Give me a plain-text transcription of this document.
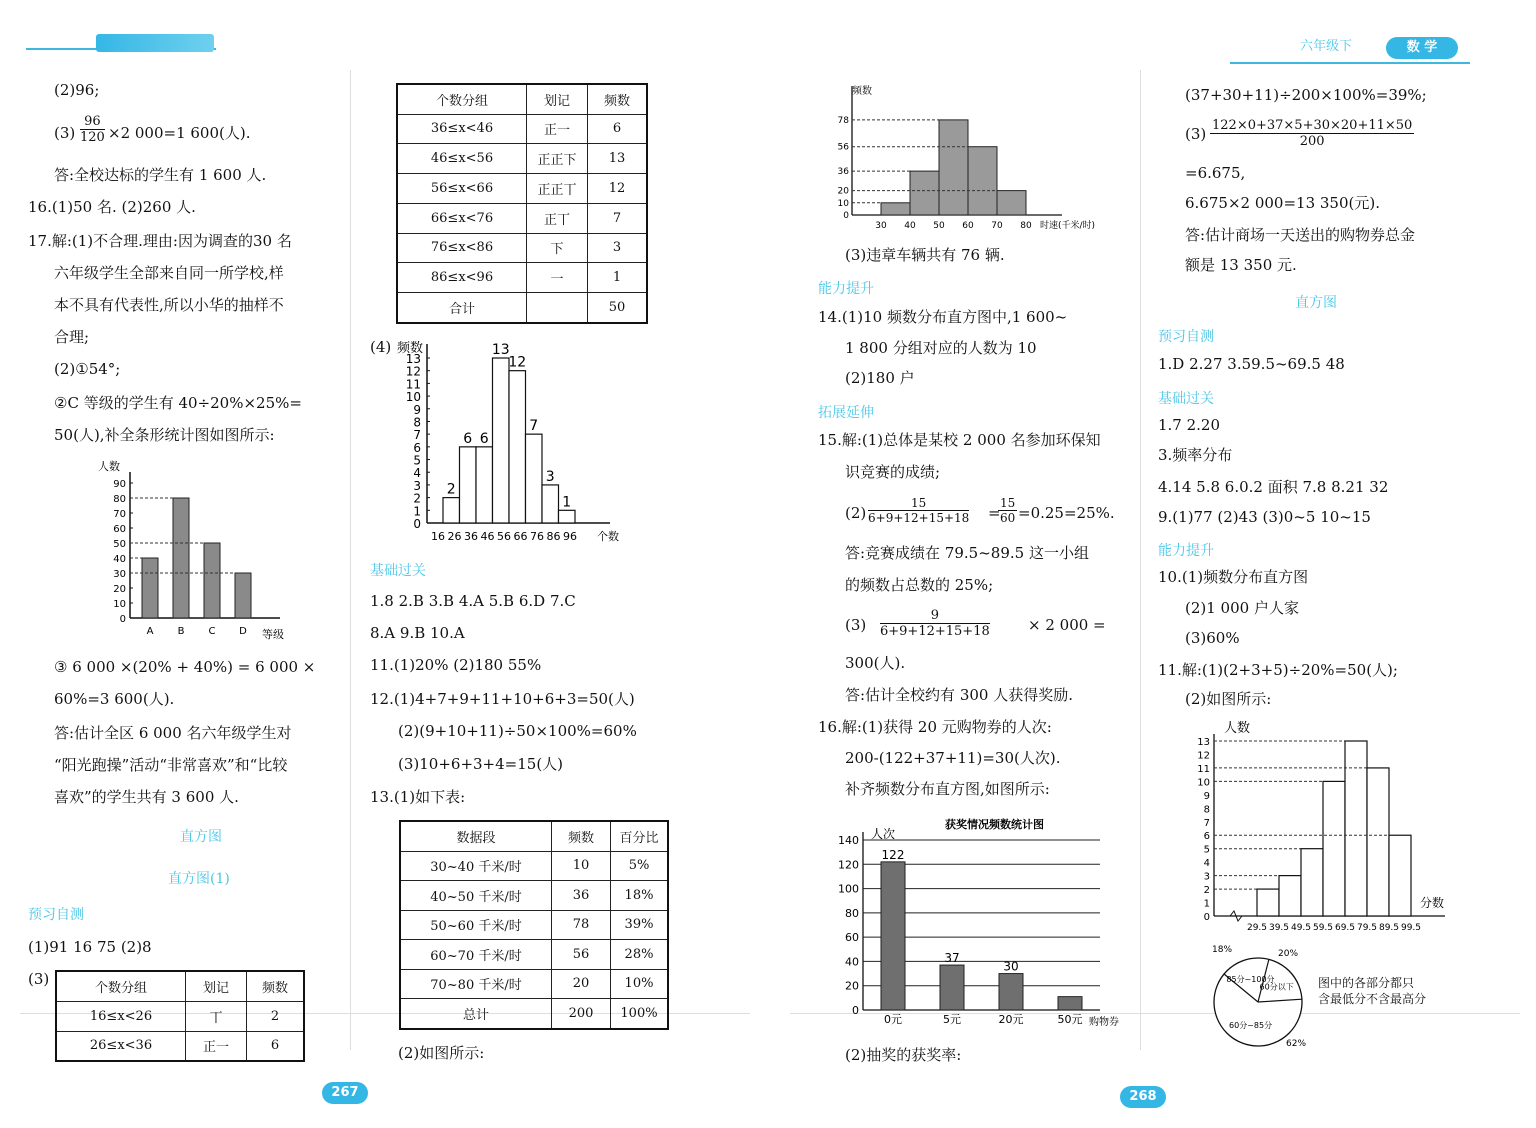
六年级下	数 学
267	268
(2)96;
$(3) \frac{96}{120} \times 2$ 000=1 600(人).
答:全校达标的学生有 1 600 人.
16.(1)50 名. (2)260 人.
17.解:(1)不合理.理由:因为调查的30 名
六年级学生全部来自同一所学校,样
本不具有代表性,所以小华的抽样不
合理;
(2)①54°;
②C 等级的学生有 40÷20%×25%=
50(人),补全条形统计图如图所示:
人数
等级
0
10
20
30
40
50
60
70
80
90
A B C D
③ 6 000 ×(20% + 40%) = 6 000 ×
60%=3 600(人).
答:估计全区 6 000 名六年级学生对
“阳光跑操”活动“非常喜欢”和“比较
喜欢”的学生共有 3 600 人.
直方图
直方图(1)
预习自测
(1)91 16 75 (2)8
(3)
个数分组	划记	频数
16≤x<26	丅	2
26≤x<36	正一	6
个数分组	划记	频数
36≤x<46	正一	6
46≤x<56	正正下	13
56≤x<66	正正丅	12
66≤x<76	正丅	7
76≤x<86	下	3
86≤x<96	一	1
合计		50
(4) 频数
个数
0
1
2
3
4
5
6
7
8
9
10
11
12
13
2
6 6
13
12
7
3
1
16 26 36 46 56 66 76 86 96
基础过关
1.8 2.B 3.B 4.A 5.B 6.D 7.C
8.A 9.B 10.A
11.(1)20% (2)180 55%
12.(1)4+7+9+11+10+6+3=50(人)
(2)(9+10+11)÷50×100%=60%
(3)10+6+3+4=15(人)
13.(1)如下表:
数据段	频数	百分比
30~40 千米/时	10	5%
40~50 千米/时	36	18%
50~60 千米/时	78	39%
60~70 千米/时	56	28%
70~80 千米/时	20	10%
总计	200	100%
(2)如图所示:
频数
时速(千米/时)
0
10
20
36
56
78
30 40 50 60 70 80
(3)违章车辆共有 76 辆.
能力提升
14.(1)10 频数分布直方图中,1 600~
1 800 分组对应的人数为 10
(2)180 户
拓展延伸
15.解:(1)总体是某校 2 000 名参加环保知
识竞赛的成绩;
$(2) \frac{15}{6+9+12+15+18}$ =
$\frac{15}{60} =0.25=25\%$.
答:竞赛成绩在 79.5~89.5 这一小组
的频数占总数的 25%;
$(3) \frac{9}{6+9+12+15+18}$	× 2 000 =
300(人).
答:估计全校约有 300 人获得奖励.
16.解:(1)获得 20 元购物券的人次:
200-(122+37+11)=30(人次).
补齐频数分布直方图,如图所示:
获奖情况频数统计图
人次
购物券
0
20
40
60
80
100
120
140
122
0元
37
5元
30
20元	50元
(2)抽奖的获奖率:
(37+30+11)÷200×100%=39%;
$(3) \frac{122\times 0+37\times 5+30\times 20+11\times 50}{200}$
=6.675,
6.675×2 000=13 350(元).
答:估计商场一天送出的购物券总金
额是 13 350 元.
直方图
预习自测
1.D 2.27 3.59.5~69.5 48
基础过关
1.7 2.20
3.频率分布
4.14 5.8 6.0.2 面积 7.8 8.21 32
9.(1)77 (2)43 (3)0~5 10~15
能力提升
10.(1)频数分布直方图
(2)1 000 户人家
(3)60%
11.解:(1)(2+3+5)÷20%=50(人);
(2)如图所示:
人数
分数
0
1
2
3
4
5
6
7
8
9
10
11
12
13
29.5 39.5 49.5 59.5 69.5 79.5 89.5 99.5
60分以下
20%
60分~85分
62%
85分~100分
18%
图中的各部分都只
含最低分不含最高分
